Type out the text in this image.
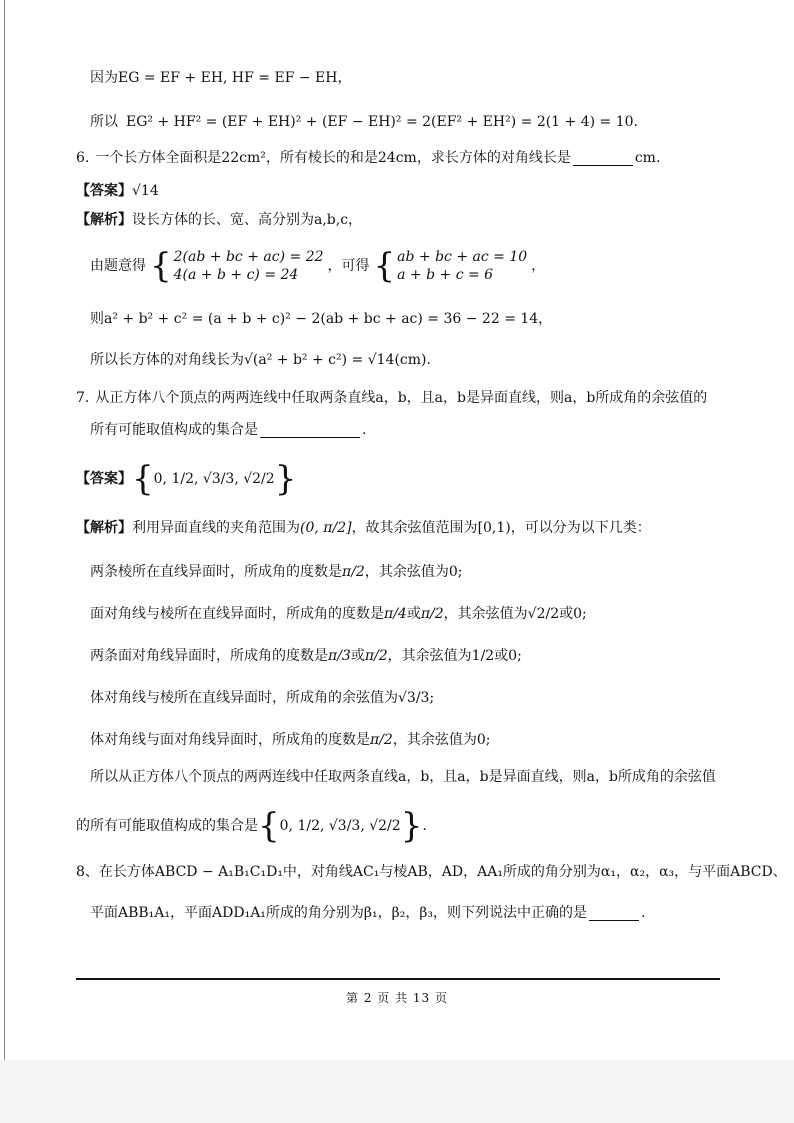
因为EG = EF + EH, HF = EF − EH，
所以 EG² + HF² = (EF + EH)² + (EF − EH)² = 2(EF² + EH²) = 2(1 + 4) = 10.
6. 一个长方体全面积是22cm²，所有棱长的和是24cm，求长方体的对角线长是	cm.
【答案】 √14
【解析】 设长方体的长、宽、高分别为a,b,c，
由题意得 { 2(ab + bc + ac) = 22
4(a + b + c) = 24
，可得 { ab + bc + ac = 10
a + b + c = 6
，
则a² + b² + c² = (a + b + c)² − 2(ab + bc + ac) = 36 − 22 = 14，
所以长方体的对角线长为√(a² + b² + c²) = √14(cm).
7. 从正方体八个顶点的两两连线中任取两条直线a，b，且a，b是异面直线，则a，b所成角的余弦值的
所有可能取值构成的集合是	.
【答案】 { 0, 1/2, √3/3, √2/2 }
【解析】 利用异面直线的夹角范围为 (0, π/2] ，故其余弦值范围为 [0,1) ，可以分为以下几类：
两条棱所在直线异面时，所成角的度数是 π/2 ，其余弦值为0;
面对角线与棱所在直线异面时，所成角的度数是 π/4 或 π/2 ，其余弦值为 √2/2 或0;
两条面对角线异面时，所成角的度数是 π/3 或 π/2 ，其余弦值为 1/2 或0;
体对角线与棱所在直线异面时，所成角的余弦值为 √3/3 ;
体对角线与面对角线异面时，所成角的度数是 π/2 ，其余弦值为0;
所以从正方体八个顶点的两两连线中任取两条直线a，b，且a，b是异面直线，则a，b所成角的余弦值
的所有可能取值构成的集合是 { 0, 1/2, √3/3, √2/2 } .
8、 在长方体ABCD − A₁B₁C₁D₁中，对角线AC₁与棱AB，AD，AA₁所成的角分别为α₁，α₂，α₃，与平面ABCD、
平面ABB₁A₁，平面ADD₁A₁所成的角分别为β₁，β₂，β₃，则下列说法中正确的是	.
第 2 页 共 13 页
